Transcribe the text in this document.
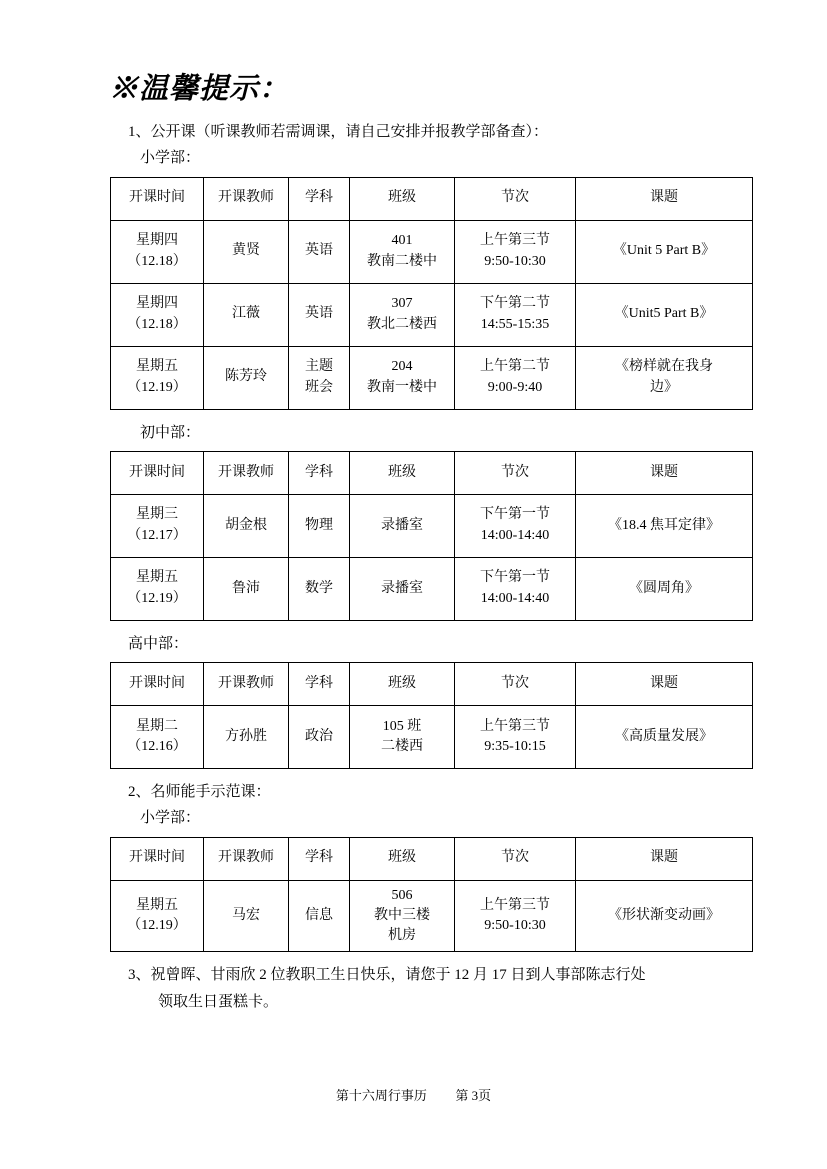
※温馨提示：

1、公开课（听课教师若需调课，请自己安排并报教学部备查）：

小学部：

开课时间	开课教师	学科	班级	节次	课题

星期四
（12.18）	黄贤	英语	401
教南二楼中	上午第三节
9:50-10:30	《Unit 5 Part B》

星期四
（12.18）	江薇	英语	307
教北二楼西	下午第二节
14:55-15:35	《Unit5 Part B》

星期五
（12.19）	陈芳玲	主题
班会	204
教南一楼中	上午第二节
9:00-9:40	《榜样就在我身
边》

初中部：

开课时间	开课教师	学科	班级	节次	课题

星期三
（12.17）	胡金根	物理	录播室	下午第一节
14:00-14:40	《18.4 焦耳定律》

星期五
（12.19）	鲁沛	数学	录播室	下午第一节
14:00-14:40	《圆周角》

高中部：

开课时间	开课教师	学科	班级	节次	课题

星期二
（12.16）	方孙胜	政治	105 班
二楼西	上午第三节
9:35-10:15	《高质量发展》

2、名师能手示范课：

小学部：

开课时间	开课教师	学科	班级	节次	课题

星期五
（12.19）	马宏	信息	506
教中三楼
机房	上午第三节
9:50-10:30	《形状渐变动画》

3、祝曾晖、甘雨欣 2 位教职工生日快乐，请您于 12 月 17 日到人事部陈志行处

领取生日蛋糕卡。

第十六周行事历 第 3页
